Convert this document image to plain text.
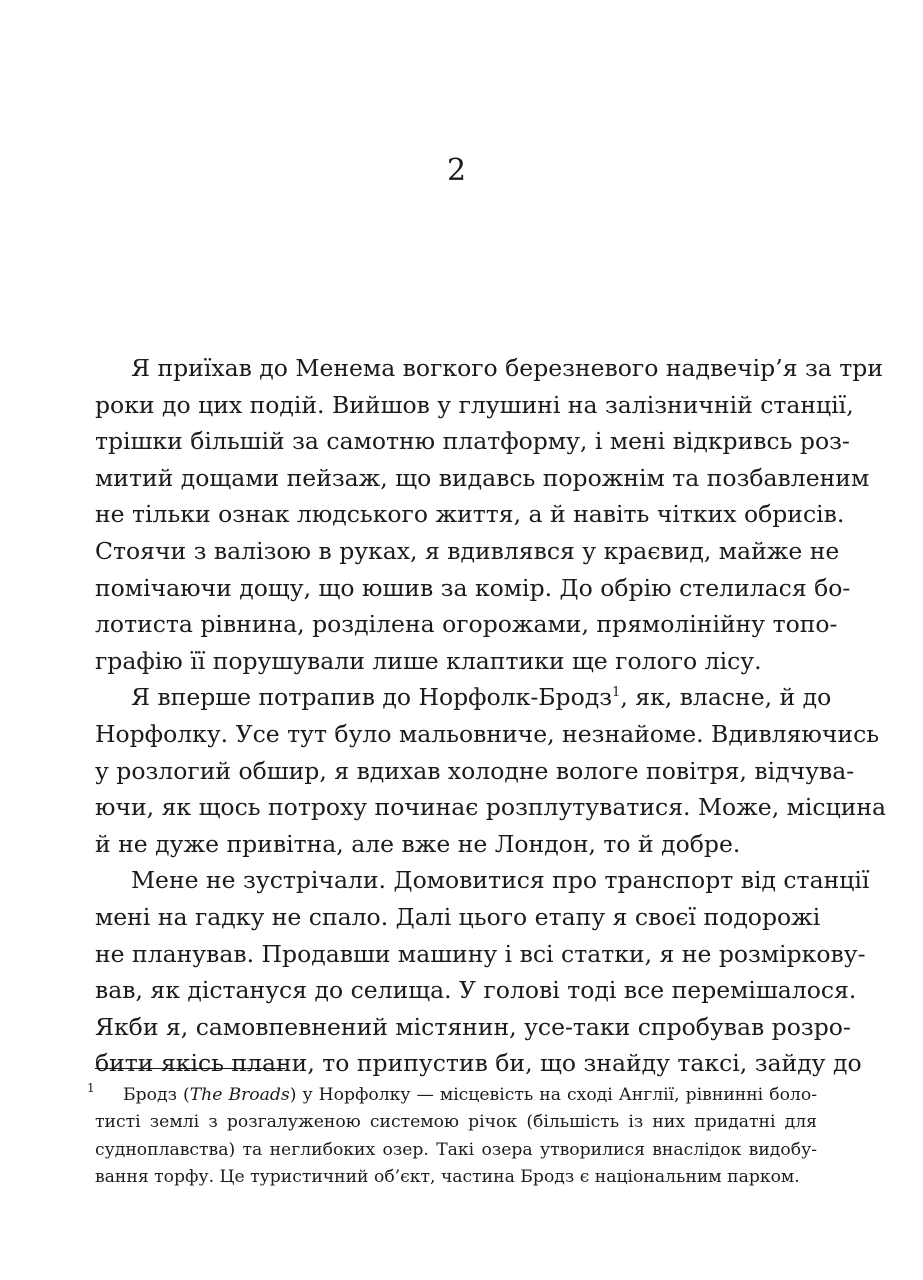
2
Я приїхав до Менема вогкого березневого надвечір’я за три
роки до цих подій. Вийшов у глушині на залізничній станції,
трішки більшій за самотню платформу, і мені відкривсь роз-
митий дощами пейзаж, що видавсь порожнім та позбавленим
не тільки ознак людського життя, а й навіть чітких обрисів.
Стоячи з валізою в руках, я вдивлявся у краєвид, майже не
помічаючи дощу, що юшив за комір. До обрію стелилася бо-
лотиста рівнина, розділена огорожами, прямолінійну топо-
графію її порушували лише клаптики ще голого лісу.
Я вперше потрапив до Норфолк-Бродз$^1$, як, власне, й до
Норфолку. Усе тут було мальовниче, незнайоме. Вдивляючись
у розлогий обшир, я вдихав холодне вологе повітря, відчува-
ючи, як щось потроху починає розплутуватися. Може, місцина
й не дуже привітна, але вже не Лондон, то й добре.
Мене не зустрічали. Домовитися про транспорт від станції
мені на гадку не спало. Далі цього етапу я своєї подорожі
не планував. Продавши машину і всі статки, я не розміркову-
вав, як дістануся до селища. У голові тоді все перемішалося.
Якби я, самовпевнений містянин, усе-таки спробував розро-
бити якісь плани, то припустив би, що знайду таксі, зайду до
1	Бродз (The Broads) у Норфолку — місцевість на сході Англії, рівнинні боло-
тисті землі з розгалуженою системою річок (більшість із них придатні для
судноплавства) та неглибоких озер. Такі озера утворилися внаслідок видобу-
вання торфу. Це туристичний об’єкт, частина Бродз є національним парком.
